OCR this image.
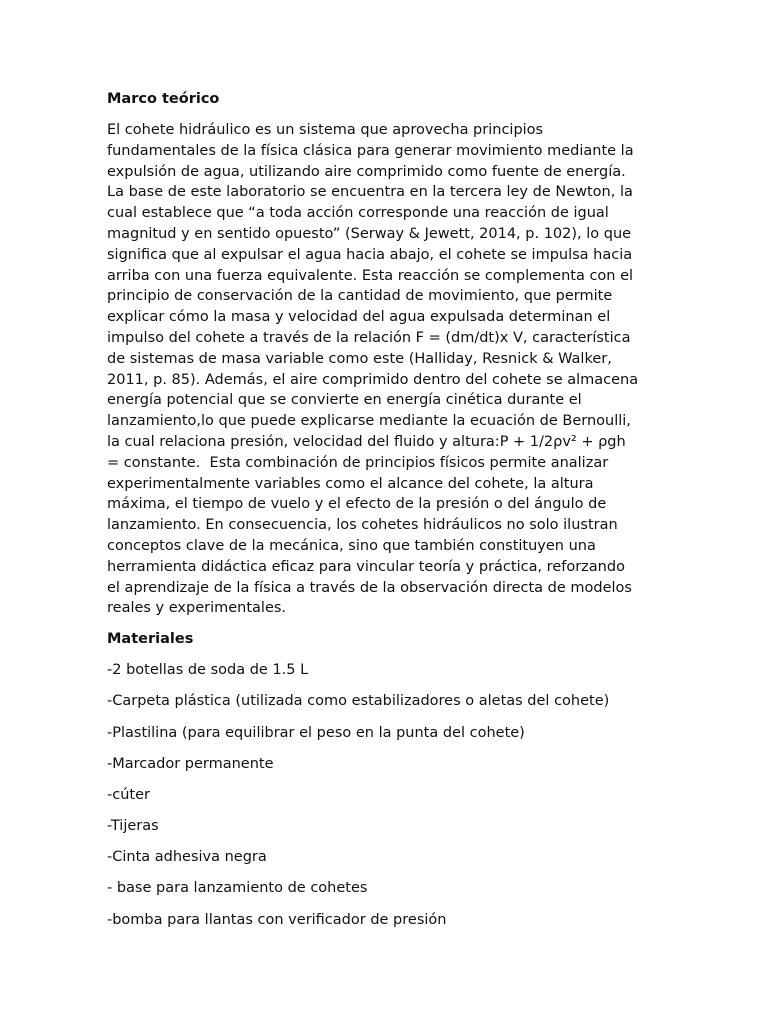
Marco teórico
El cohete hidráulico es un sistema que aprovecha principios
fundamentales de la física clásica para generar movimiento mediante la
expulsión de agua, utilizando aire comprimido como fuente de energía.
La base de este laboratorio se encuentra en la tercera ley de Newton, la
cual establece que “a toda acción corresponde una reacción de igual
magnitud y en sentido opuesto” (Serway & Jewett, 2014, p. 102), lo que
significa que al expulsar el agua hacia abajo, el cohete se impulsa hacia
arriba con una fuerza equivalente. Esta reacción se complementa con el
principio de conservación de la cantidad de movimiento, que permite
explicar cómo la masa y velocidad del agua expulsada determinan el
impulso del cohete a través de la relación F = (dm/dt)x V, característica
de sistemas de masa variable como este (Halliday, Resnick & Walker,
2011, p. 85). Además, el aire comprimido dentro del cohete se almacena
energía potencial que se convierte en energía cinética durante el
lanzamiento,lo que puede explicarse mediante la ecuación de Bernoulli,
la cual relaciona presión, velocidad del fluido y altura:P + 1/2ρv² + ρgh
= constante.  Esta combinación de principios físicos permite analizar
experimentalmente variables como el alcance del cohete, la altura
máxima, el tiempo de vuelo y el efecto de la presión o del ángulo de
lanzamiento. En consecuencia, los cohetes hidráulicos no solo ilustran
conceptos clave de la mecánica, sino que también constituyen una
herramienta didáctica eficaz para vincular teoría y práctica, reforzando
el aprendizaje de la física a través de la observación directa de modelos
reales y experimentales.
Materiales
-2 botellas de soda de 1.5 L
-Carpeta plástica (utilizada como estabilizadores o aletas del cohete)
-Plastilina (para equilibrar el peso en la punta del cohete)
-Marcador permanente
-cúter
-Tijeras
-Cinta adhesiva negra
- base para lanzamiento de cohetes
-bomba para llantas con verificador de presión
